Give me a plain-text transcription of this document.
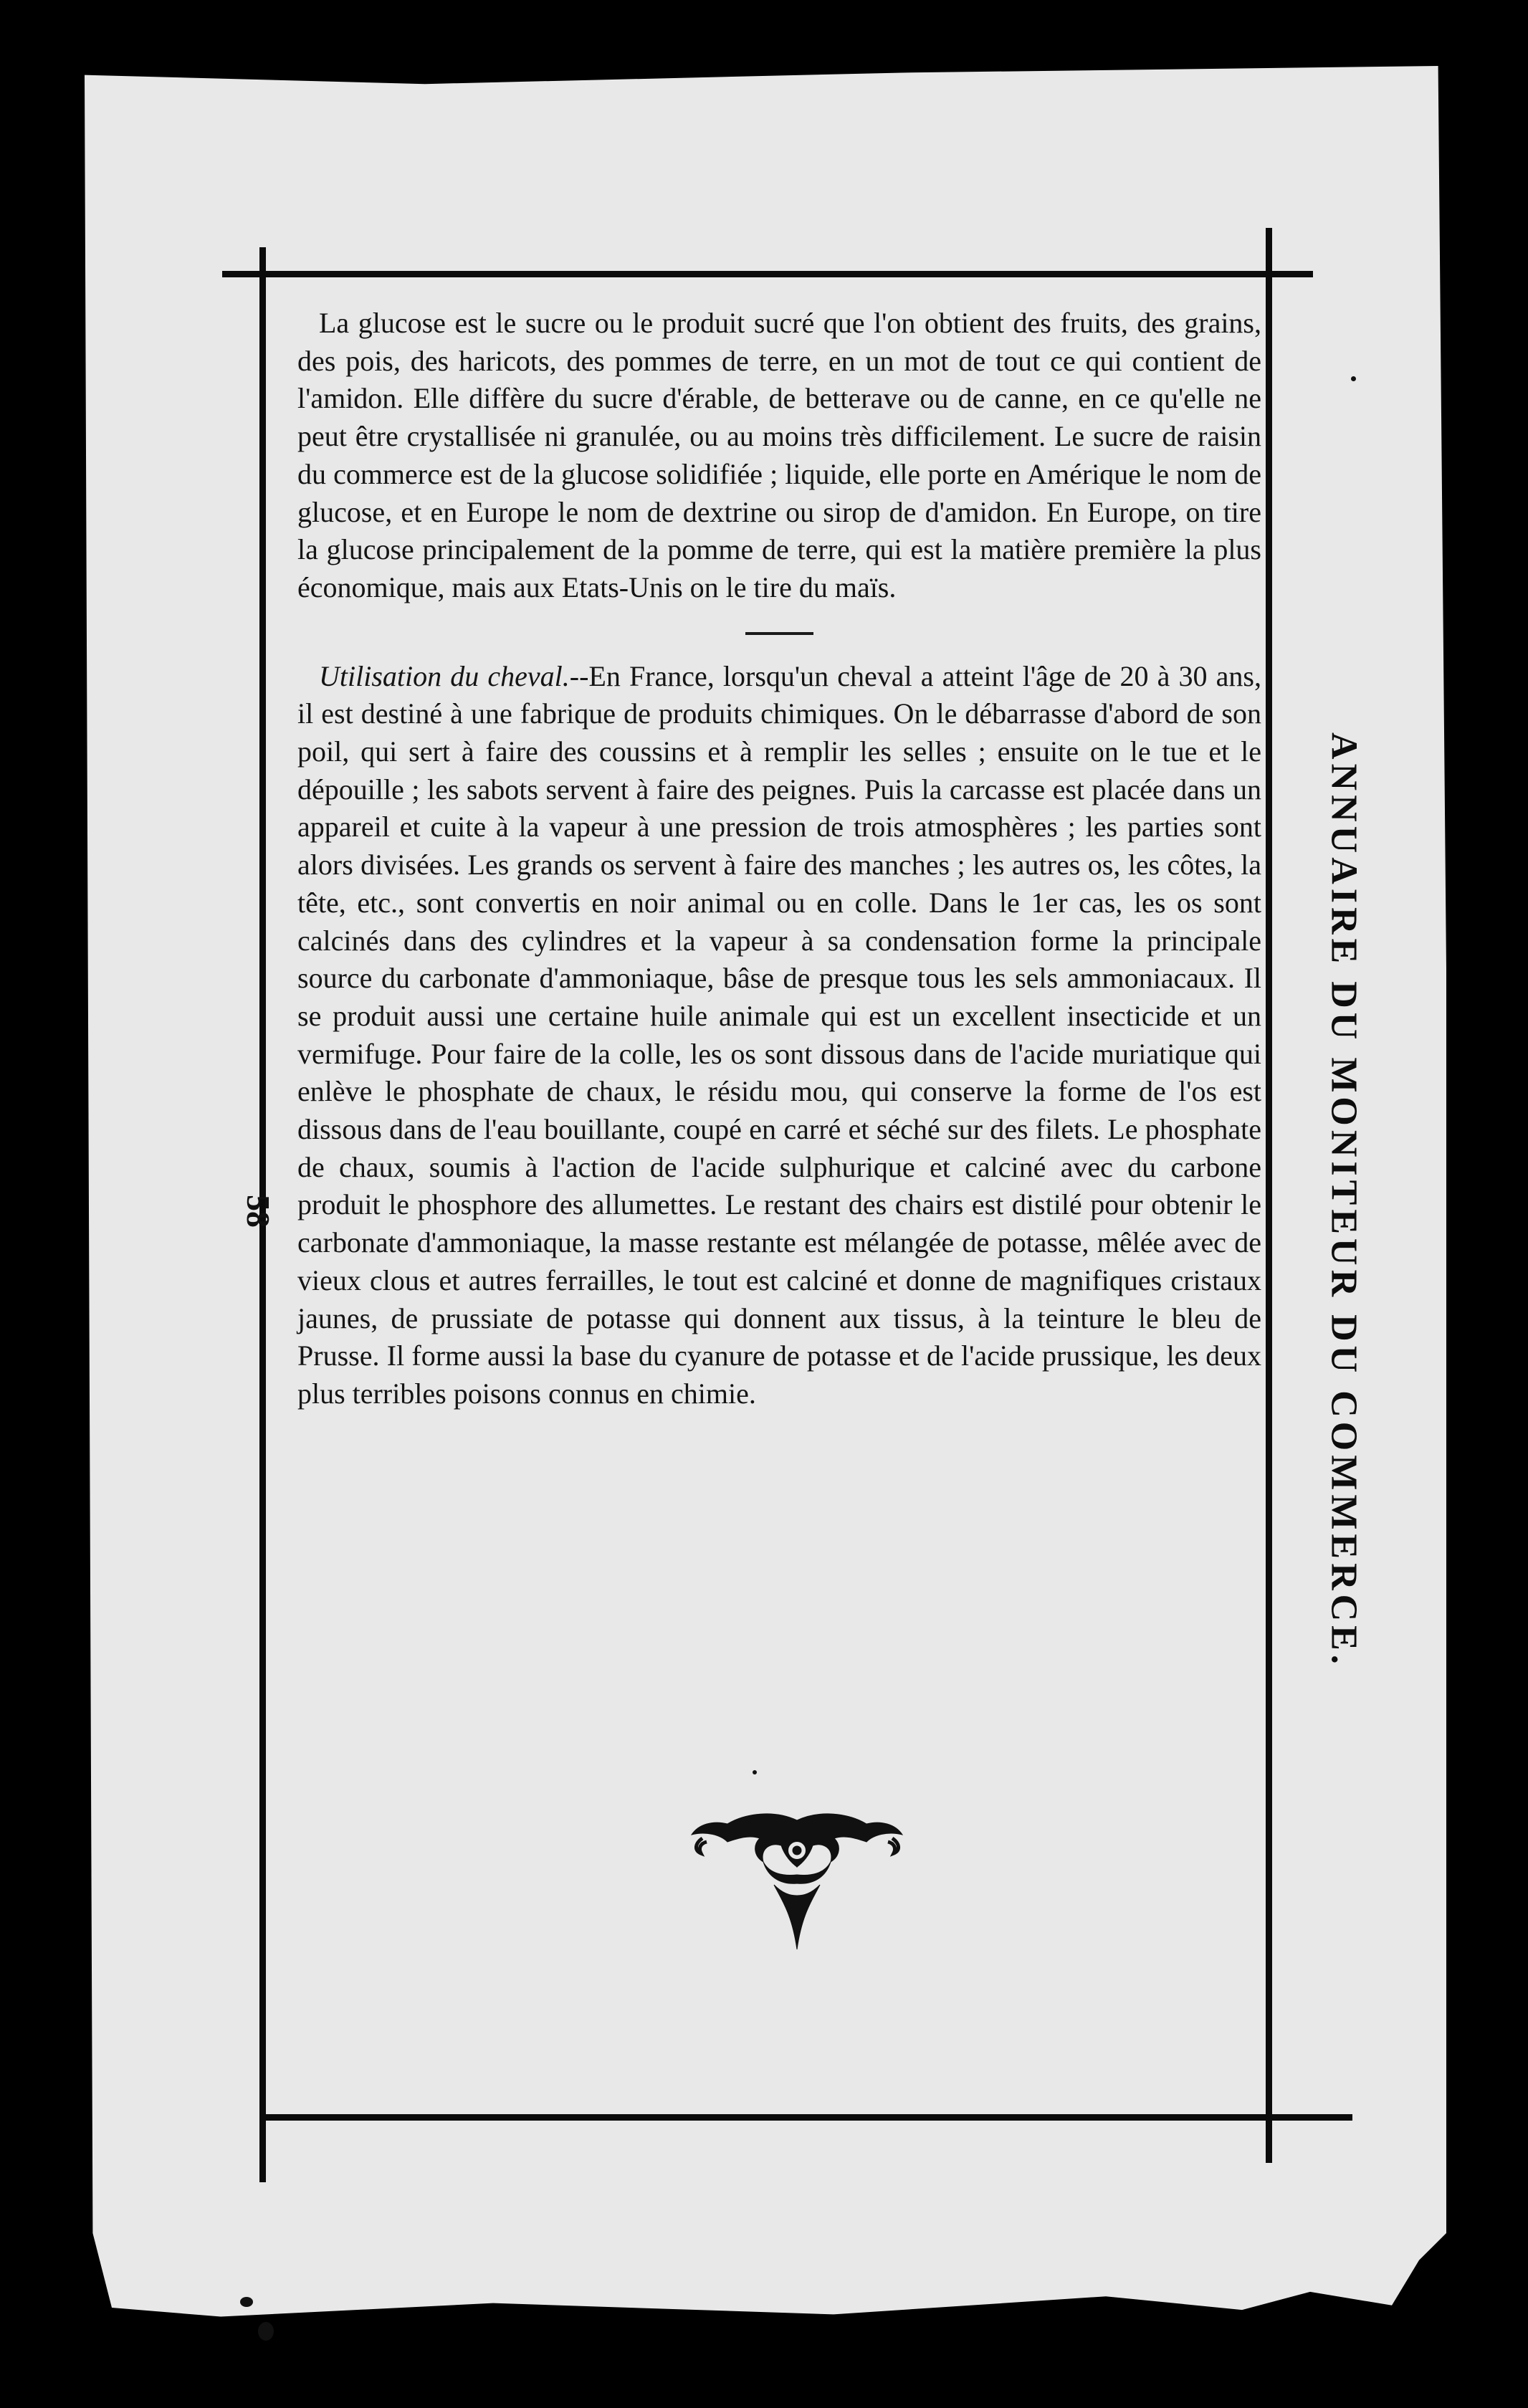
58	ANNUAIRE DU MONITEUR DU COMMERCE.

La glucose est le sucre ou le produit sucré que l'on obtient des fruits, des grains, des pois, des haricots, des pommes de terre, en un mot de tout ce qui contient de l'amidon. Elle diffère du sucre d'érable, de betterave ou de canne, en ce qu'elle ne peut être crystallisée ni granulée, ou au moins très difficilement. Le sucre de raisin du commerce est de la glucose solidifiée ; liquide, elle porte en Amérique le nom de glucose, et en Europe le nom de dextrine ou sirop de d'amidon. En Europe, on tire la glucose principalement de la pomme de terre, qui est la matière première la plus économique, mais aux Etats-Unis on le tire du maïs.

Utilisation du cheval.--En France, lorsqu'un cheval a atteint l'âge de 20 à 30 ans, il est destiné à une fabrique de produits chimiques. On le débarrasse d'abord de son poil, qui sert à faire des coussins et à remplir les selles ; ensuite on le tue et le dépouille ; les sabots servent à faire des peignes. Puis la carcasse est placée dans un appareil et cuite à la vapeur à une pression de trois atmosphères ; les parties sont alors divisées. Les grands os servent à faire des manches ; les autres os, les côtes, la tête, etc., sont convertis en noir animal ou en colle. Dans le 1er cas, les os sont calcinés dans des cylindres et la vapeur à sa condensation forme la principale source du carbonate d'ammoniaque, bâse de presque tous les sels ammoniacaux. Il se produit aussi une certaine huile animale qui est un excellent insecticide et un vermifuge. Pour faire de la colle, les os sont dissous dans de l'acide muriatique qui enlève le phosphate de chaux, le résidu mou, qui conserve la forme de l'os est dissous dans de l'eau bouillante, coupé en carré et séché sur des filets. Le phosphate de chaux, soumis à l'action de l'acide sulphurique et calciné avec du carbone produit le phosphore des allumettes. Le restant des chairs est distilé pour obtenir le carbonate d'ammoniaque, la masse restante est mélangée de potasse, mêlée avec de vieux clous et autres ferrailles, le tout est calciné et donne de magnifiques cristaux jaunes, de prussiate de potasse qui donnent aux tissus, à la teinture le bleu de Prusse. Il forme aussi la base du cyanure de potasse et de l'acide prussique, les deux plus terribles poisons connus en chimie.
